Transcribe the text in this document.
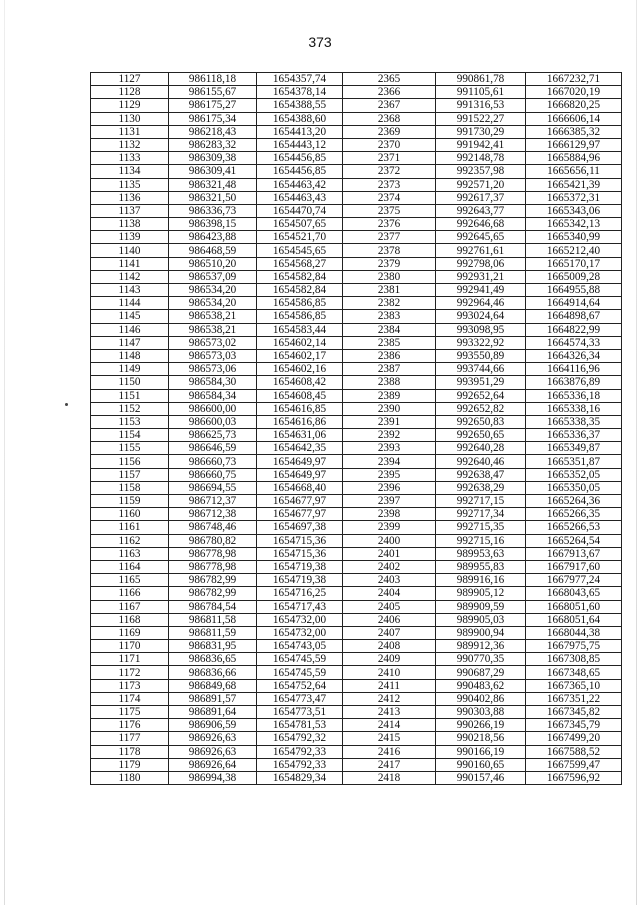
373
1127	986118,18	1654357,74	2365	990861,78	1667232,71
1128	986155,67	1654378,14	2366	991105,61	1667020,19
1129	986175,27	1654388,55	2367	991316,53	1666820,25
1130	986175,34	1654388,60	2368	991522,27	1666606,14
1131	986218,43	1654413,20	2369	991730,29	1666385,32
1132	986283,32	1654443,12	2370	991942,41	1666129,97
1133	986309,38	1654456,85	2371	992148,78	1665884,96
1134	986309,41	1654456,85	2372	992357,98	1665656,11
1135	986321,48	1654463,42	2373	992571,20	1665421,39
1136	986321,50	1654463,43	2374	992617,37	1665372,31
1137	986336,73	1654470,74	2375	992643,77	1665343,06
1138	986398,15	1654507,65	2376	992646,68	1665342,13
1139	986423,88	1654521,70	2377	992645,65	1665340,99
1140	986468,59	1654545,65	2378	992761,61	1665212,40
1141	986510,20	1654568,27	2379	992798,06	1665170,17
1142	986537,09	1654582,84	2380	992931,21	1665009,28
1143	986534,20	1654582,84	2381	992941,49	1664955,88
1144	986534,20	1654586,85	2382	992964,46	1664914,64
1145	986538,21	1654586,85	2383	993024,64	1664898,67
1146	986538,21	1654583,44	2384	993098,95	1664822,99
1147	986573,02	1654602,14	2385	993322,92	1664574,33
1148	986573,03	1654602,17	2386	993550,89	1664326,34
1149	986573,06	1654602,16	2387	993744,66	1664116,96
1150	986584,30	1654608,42	2388	993951,29	1663876,89
1151	986584,34	1654608,45	2389	992652,64	1665336,18
1152	986600,00	1654616,85	2390	992652,82	1665338,16
1153	986600,03	1654616,86	2391	992650,83	1665338,35
1154	986625,73	1654631,06	2392	992650,65	1665336,37
1155	986646,59	1654642,35	2393	992640,28	1665349,87
1156	986660,73	1654649,97	2394	992640,46	1665351,87
1157	986660,75	1654649,97	2395	992638,47	1665352,05
1158	986694,55	1654668,40	2396	992638,29	1665350,05
1159	986712,37	1654677,97	2397	992717,15	1665264,36
1160	986712,38	1654677,97	2398	992717,34	1665266,35
1161	986748,46	1654697,38	2399	992715,35	1665266,53
1162	986780,82	1654715,36	2400	992715,16	1665264,54
1163	986778,98	1654715,36	2401	989953,63	1667913,67
1164	986778,98	1654719,38	2402	989955,83	1667917,60
1165	986782,99	1654719,38	2403	989916,16	1667977,24
1166	986782,99	1654716,25	2404	989905,12	1668043,65
1167	986784,54	1654717,43	2405	989909,59	1668051,60
1168	986811,58	1654732,00	2406	989905,03	1668051,64
1169	986811,59	1654732,00	2407	989900,94	1668044,38
1170	986831,95	1654743,05	2408	989912,36	1667975,75
1171	986836,65	1654745,59	2409	990770,35	1667308,85
1172	986836,66	1654745,59	2410	990687,29	1667348,65
1173	986849,68	1654752,64	2411	990483,62	1667365,10
1174	986891,57	1654773,47	2412	990402,86	1667351,22
1175	986891,64	1654773,51	2413	990303,88	1667345,82
1176	986906,59	1654781,53	2414	990266,19	1667345,79
1177	986926,63	1654792,32	2415	990218,56	1667499,20
1178	986926,63	1654792,33	2416	990166,19	1667588,52
1179	986926,64	1654792,33	2417	990160,65	1667599,47
1180	986994,38	1654829,34	2418	990157,46	1667596,92
